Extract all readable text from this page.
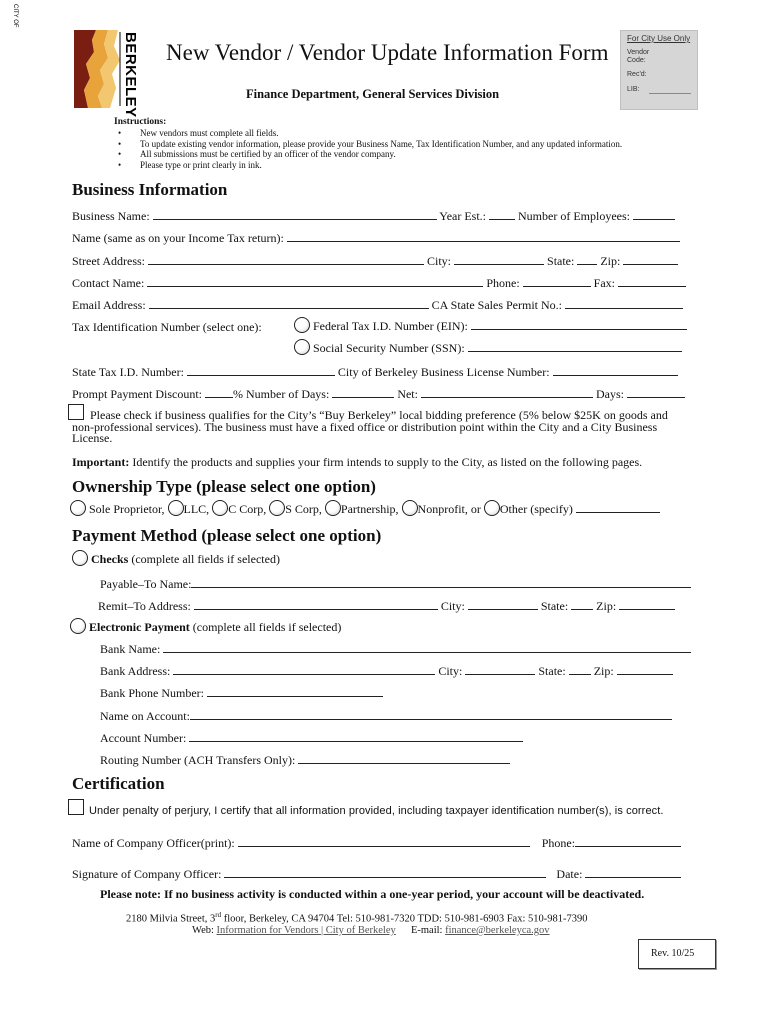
CITY OF
BERKELEY New Vendor / Vendor Update Information Form
Finance Department, General Services Division
For City Use Only
Vendor Code:
Rec'd:
LIB:
Instructions:
• New vendors must complete all fields.
• To update existing vendor information, please provide your Business Name, Tax Identification Number, and any updated information.
• All submissions must be certified by an officer of the vendor company.
• Please type or print clearly in ink.
Business Information
Business Name:	Year Est.:	Number of Employees:
Name (same as on your Income Tax return):
Street Address:	City:	State: Zip:
Contact Name:	Phone:	Fax:
Email Address:	CA State Sales Permit No.:
Tax Identification Number (select one):	Federal Tax I.D. Number (EIN):
Social Security Number (SSN):
State Tax I.D. Number:	City of Berkeley Business License Number:
Prompt Payment Discount:	% Number of Days:	Net:	Days:
Please check if business qualifies for the City’s “Buy Berkeley” local bidding preference (5% below $25K on goods and non-professional services). The business must have a fixed office or distribution point within the City and a City Business License.
Important: Identify the products and supplies your firm intends to supply to the City, as listed on the following pages.
Ownership Type (please select one option)
Sole Proprietor, LLC, C Corp, S Corp, Partnership, Nonprofit, or Other (specify)
Payment Method (please select one option)
Checks (complete all fields if selected)
Payable–To Name:
Remit–To Address:	City:	State: Zip:
Electronic Payment (complete all fields if selected)
Bank Name:
Bank Address:	City:	State: Zip:
Bank Phone Number:
Name on Account:
Account Number:
Routing Number (ACH Transfers Only):
Certification
Under penalty of perjury, I certify that all information provided, including taxpayer identification number(s), is correct.
Name of Company Officer(print):	Phone:
Signature of Company Officer:	Date:
Please note: If no business activity is conducted within a one-year period, your account will be deactivated.
2180 Milvia Street, 3rd floor, Berkeley, CA 94704 Tel: 510-981-7320 TDD: 510-981-6903 Fax: 510-981-7390
Web: Information for Vendors | City of Berkeley E-mail: finance@berkeleyca.gov
Rev. 10/25
